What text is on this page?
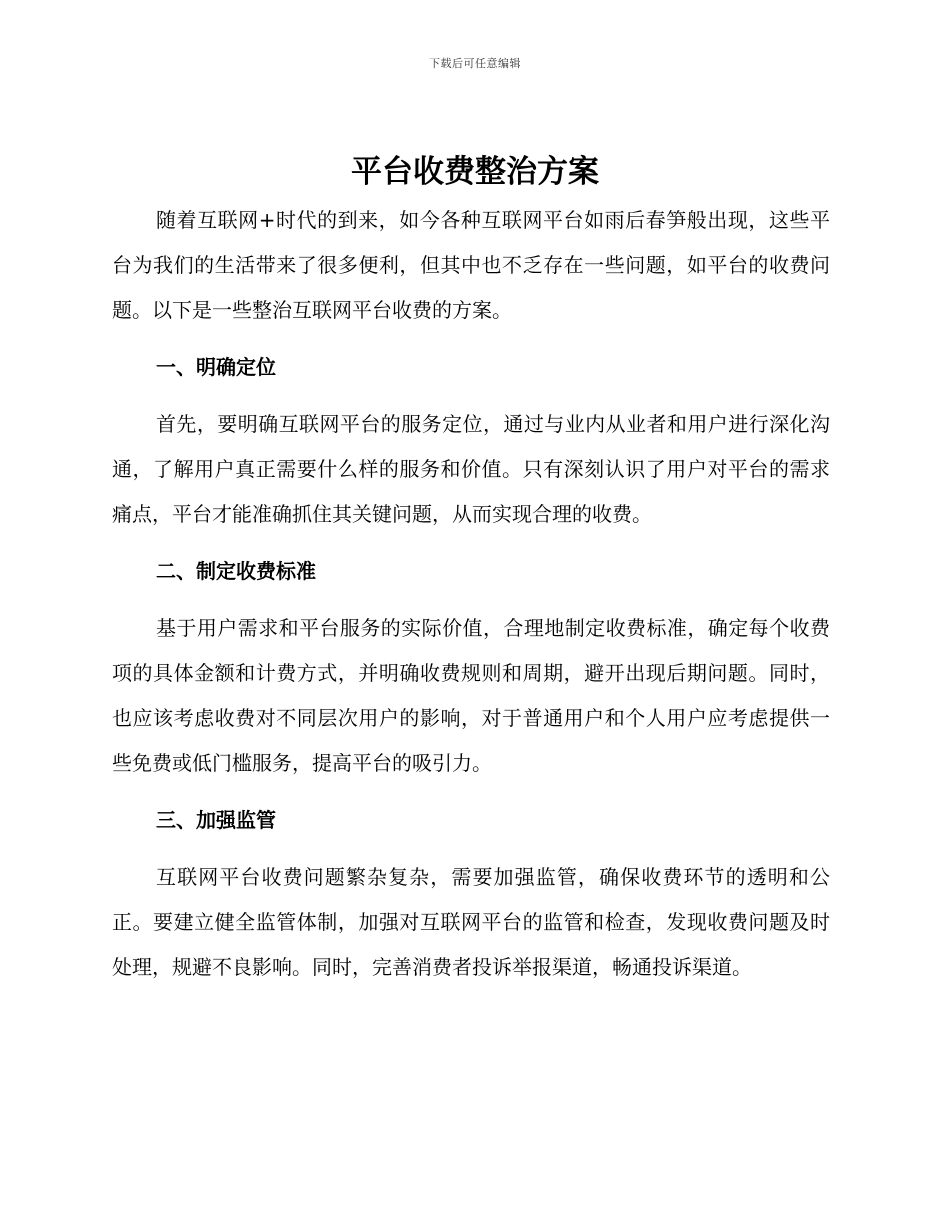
下载后可任意编辑
平台收费整治方案

随着互联网+时代的到来，如今各种互联网平台如雨后春笋般出现，这些平台为我们的生活带来了很多便利，但其中也不乏存在一些问题，如平台的收费问题。以下是一些整治互联网平台收费的方案。

一、明确定位

首先，要明确互联网平台的服务定位，通过与业内从业者和用户进行深化沟通，了解用户真正需要什么样的服务和价值。只有深刻认识了用户对平台的需求痛点，平台才能准确抓住其关键问题，从而实现合理的收费。

二、制定收费标准

基于用户需求和平台服务的实际价值，合理地制定收费标准，确定每个收费项的具体金额和计费方式，并明确收费规则和周期，避开出现后期问题。同时，也应该考虑收费对不同层次用户的影响，对于普通用户和个人用户应考虑提供一些免费或低门槛服务，提高平台的吸引力。

三、加强监管

互联网平台收费问题繁杂复杂，需要加强监管，确保收费环节的透明和公正。要建立健全监管体制，加强对互联网平台的监管和检查，发现收费问题及时处理，规避不良影响。同时，完善消费者投诉举报渠道，畅通投诉渠道。
